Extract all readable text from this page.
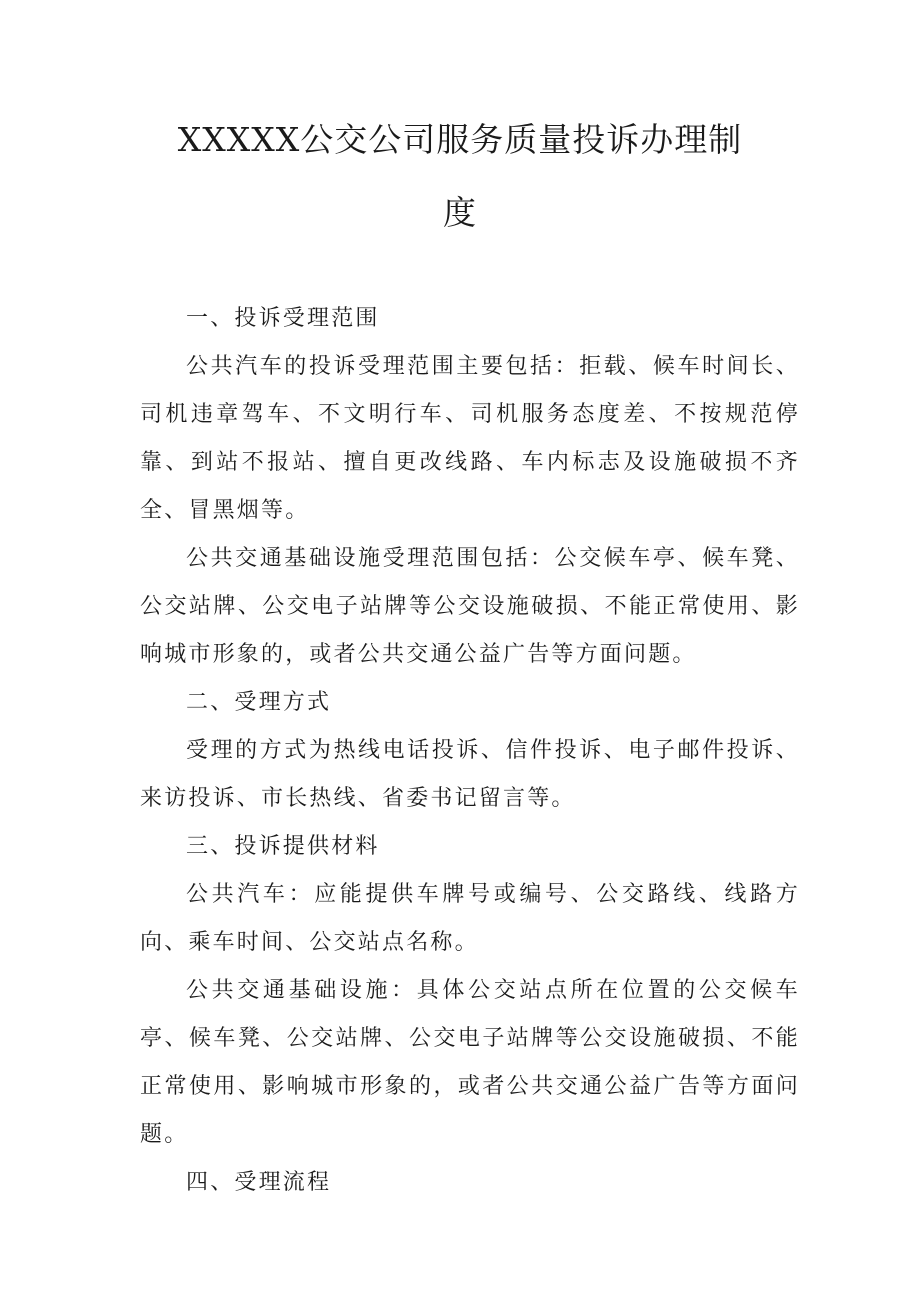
XXXXX公交公司服务质量投诉办理制
度

一、投诉受理范围

公共汽车的投诉受理范围主要包括：拒载、候车时间长、司机违章驾车、不文明行车、司机服务态度差、不按规范停靠、到站不报站、擅自更改线路、车内标志及设施破损不齐全、冒黑烟等。

公共交通基础设施受理范围包括：公交候车亭、候车凳、公交站牌、公交电子站牌等公交设施破损、不能正常使用、影响城市形象的，或者公共交通公益广告等方面问题。

二、受理方式

受理的方式为热线电话投诉、信件投诉、电子邮件投诉、来访投诉、市长热线、省委书记留言等。

三、投诉提供材料

公共汽车：应能提供车牌号或编号、公交路线、线路方向、乘车时间、公交站点名称。

公共交通基础设施：具体公交站点所在位置的公交候车亭、候车凳、公交站牌、公交电子站牌等公交设施破损、不能正常使用、影响城市形象的，或者公共交通公益广告等方面问题。

四、受理流程
